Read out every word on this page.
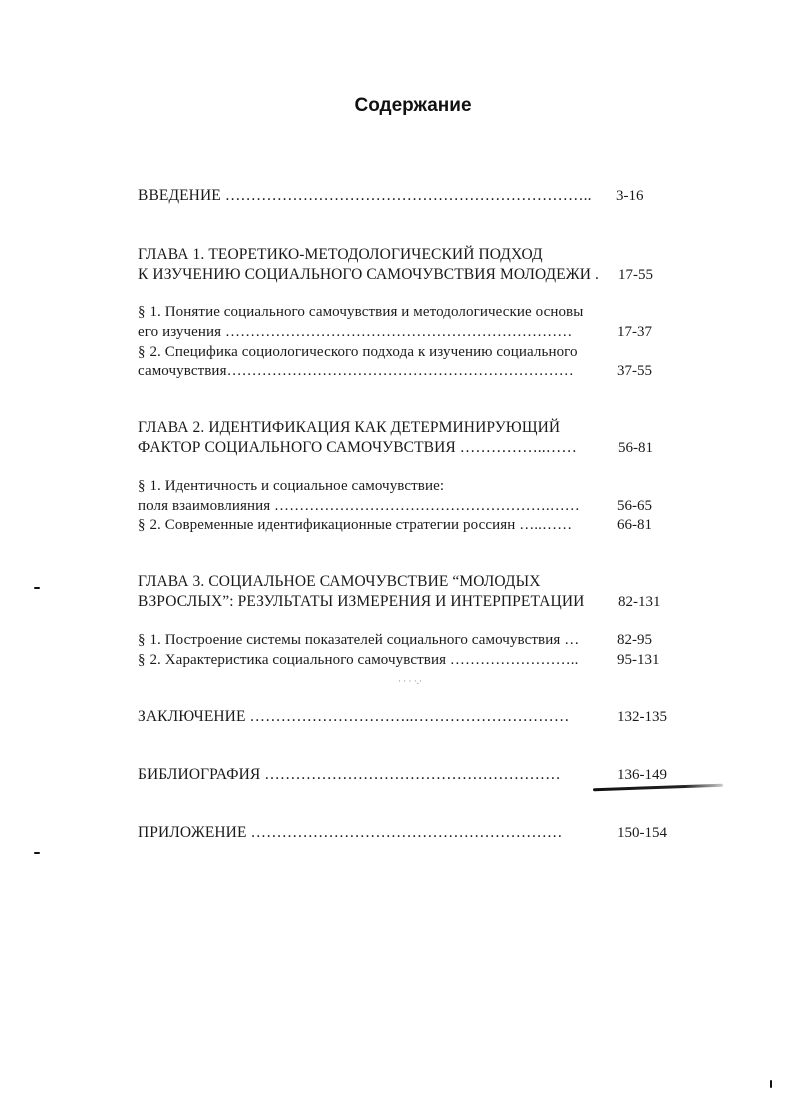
Содержание
ВВЕДЕНИЕ ……………………………………………………………..	3-16
ГЛАВА 1. ТЕОРЕТИКО-МЕТОДОЛОГИЧЕСКИЙ ПОДХОД
К ИЗУЧЕНИЮ СОЦИАЛЬНОГО САМОЧУВСТВИЯ МОЛОДЕЖИ .	17-55
§ 1. Понятие социального самочувствия и методологические основы
его изучения ……………………………………………………………	17-37
§ 2. Специфика социологического подхода к изучению социального
самочувствия……………………………………………………………	37-55
ГЛАВА 2. ИДЕНТИФИКАЦИЯ КАК ДЕТЕРМИНИРУЮЩИЙ
ФАКТОР СОЦИАЛЬНОГО САМОЧУВСТВИЯ ……………..……	56-81
§ 1. Идентичность и социальное самочувствие:
поля взаимовлияния ……………………………………………….……	56-65
§ 2. Современные идентификационные стратегии россиян …..……	66-81
ГЛАВА 3. СОЦИАЛЬНОЕ САМОЧУВСТВИЕ “МОЛОДЫХ
ВЗРОСЛЫХ”: РЕЗУЛЬТАТЫ ИЗМЕРЕНИЯ И ИНТЕРПРЕТАЦИИ	82-131
§ 1. Построение системы показателей социального самочувствия …	82-95
§ 2. Характеристика социального самочувствия ……………………..	95-131
ЗАКЛЮЧЕНИЕ …………………………..…………………………	132-135
БИБЛИОГРАФИЯ …………………………………………………	136-149
ПРИЛОЖЕНИЕ ……………………………………………………	150-154
· · · ·.·
